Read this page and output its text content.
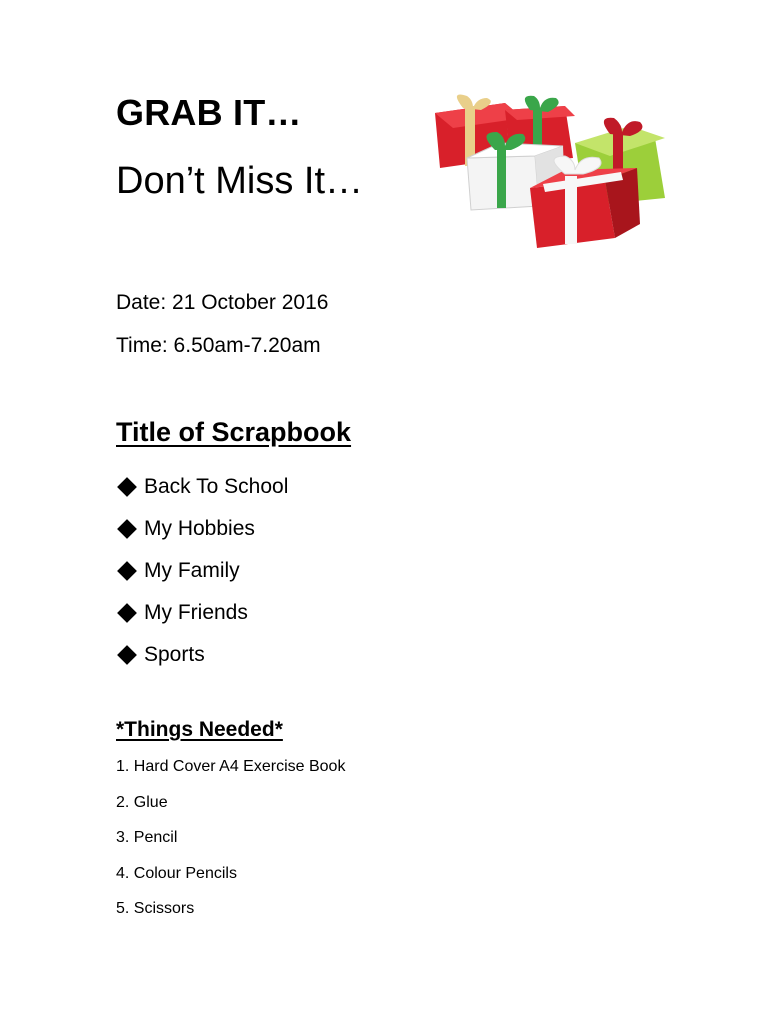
GRAB IT…
Don’t Miss It…

Date: 21 October 2016

Time: 6.50am-7.20am

Title of Scrapbook
Back To School
My Hobbies
My Family
My Friends
Sports
*Things Needed*
1. Hard Cover A4 Exercise Book
2. Glue
3. Pencil
4. Colour Pencils
5. Scissors
